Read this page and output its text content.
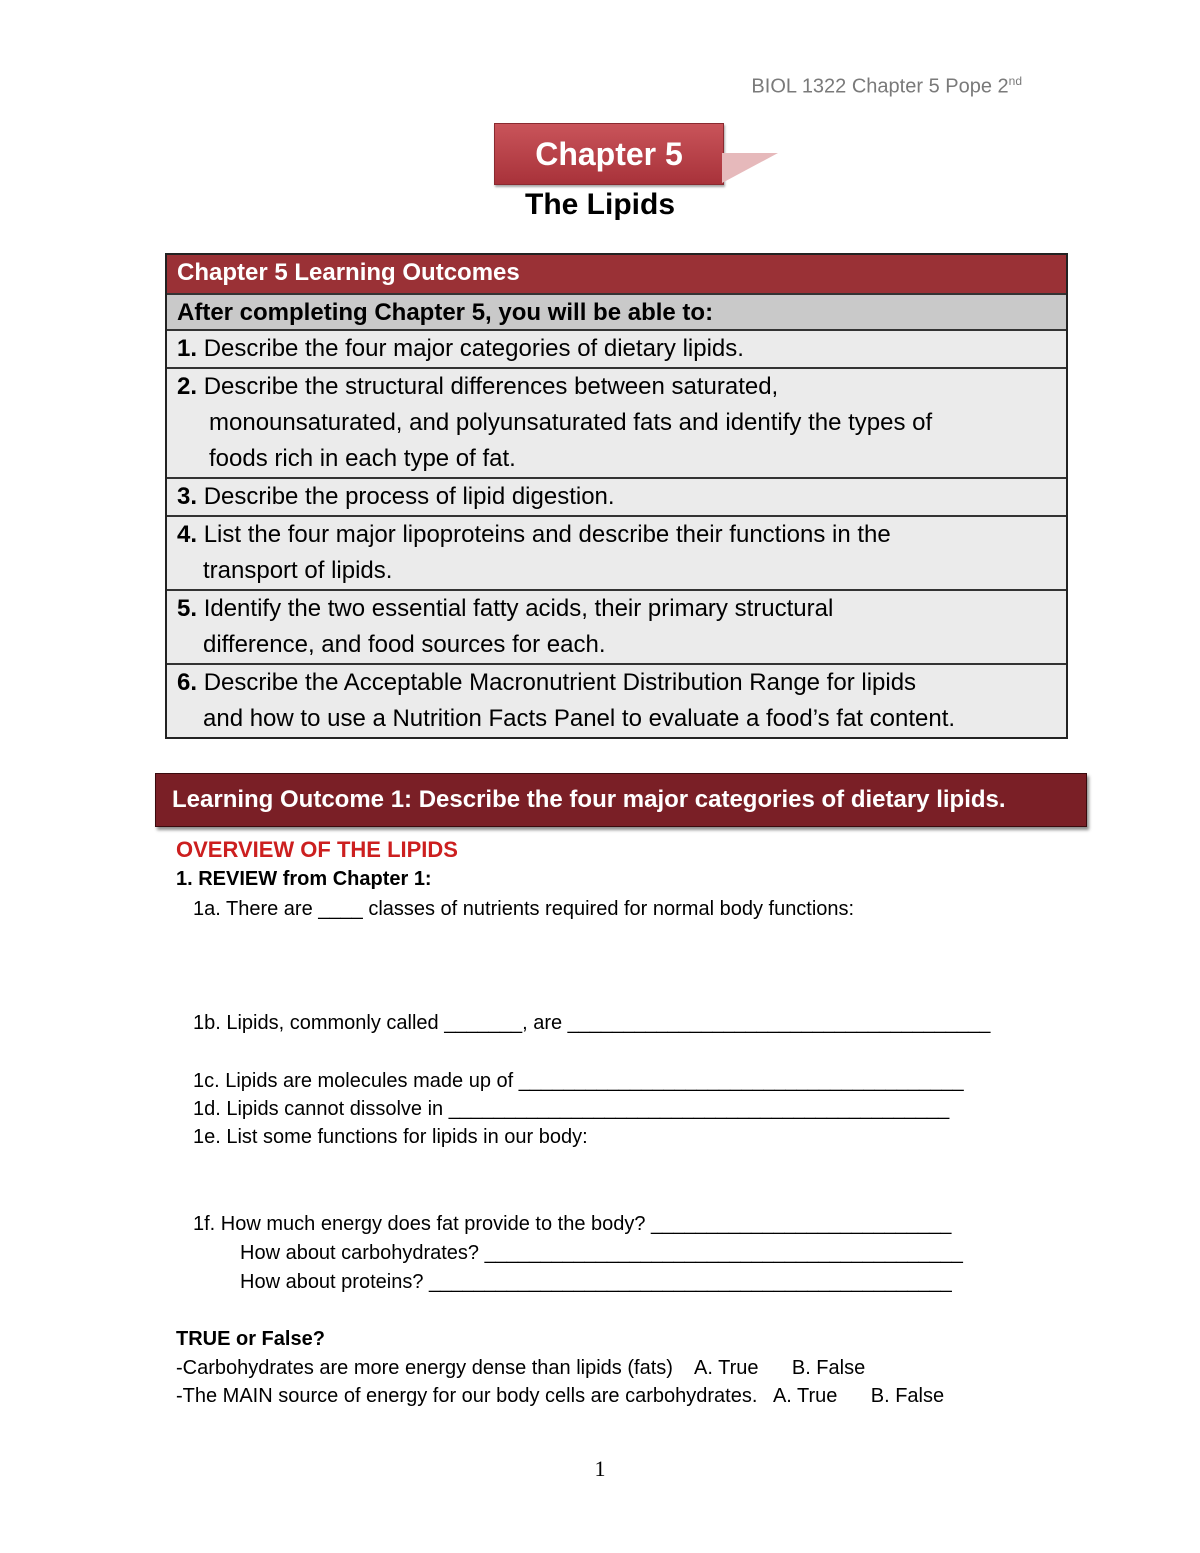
BIOL 1322 Chapter 5 Pope 2nd
Chapter 5
The Lipids
Chapter 5 Learning Outcomes
After completing Chapter 5, you will be able to:
1. Describe the four major categories of dietary lipids.
2. Describe the structural differences between saturated,
monounsaturated, and polyunsaturated fats and identify the types of
foods rich in each type of fat.
3. Describe the process of lipid digestion.
4. List the four major lipoproteins and describe their functions in the
transport of lipids.
5. Identify the two essential fatty acids, their primary structural
difference, and food sources for each.
6. Describe the Acceptable Macronutrient Distribution Range for lipids
and how to use a Nutrition Facts Panel to evaluate a food’s fat content.
Learning Outcome 1: Describe the four major categories of dietary lipids.
OVERVIEW OF THE LIPIDS
1. REVIEW from Chapter 1:
1a. There are ____ classes of nutrients required for normal body functions:
1b. Lipids, commonly called _______, are ______________________________________
1c. Lipids are molecules made up of ________________________________________
1d. Lipids cannot dissolve in _____________________________________________
1e. List some functions for lipids in our body:
1f. How much energy does fat provide to the body? ___________________________
How about carbohydrates? ___________________________________________
How about proteins? _______________________________________________
TRUE or False?
-Carbohydrates are more energy dense than lipids (fats)    A. True      B. False
-The MAIN source of energy for our body cells are carbohydrates.   A. True      B. False
1
